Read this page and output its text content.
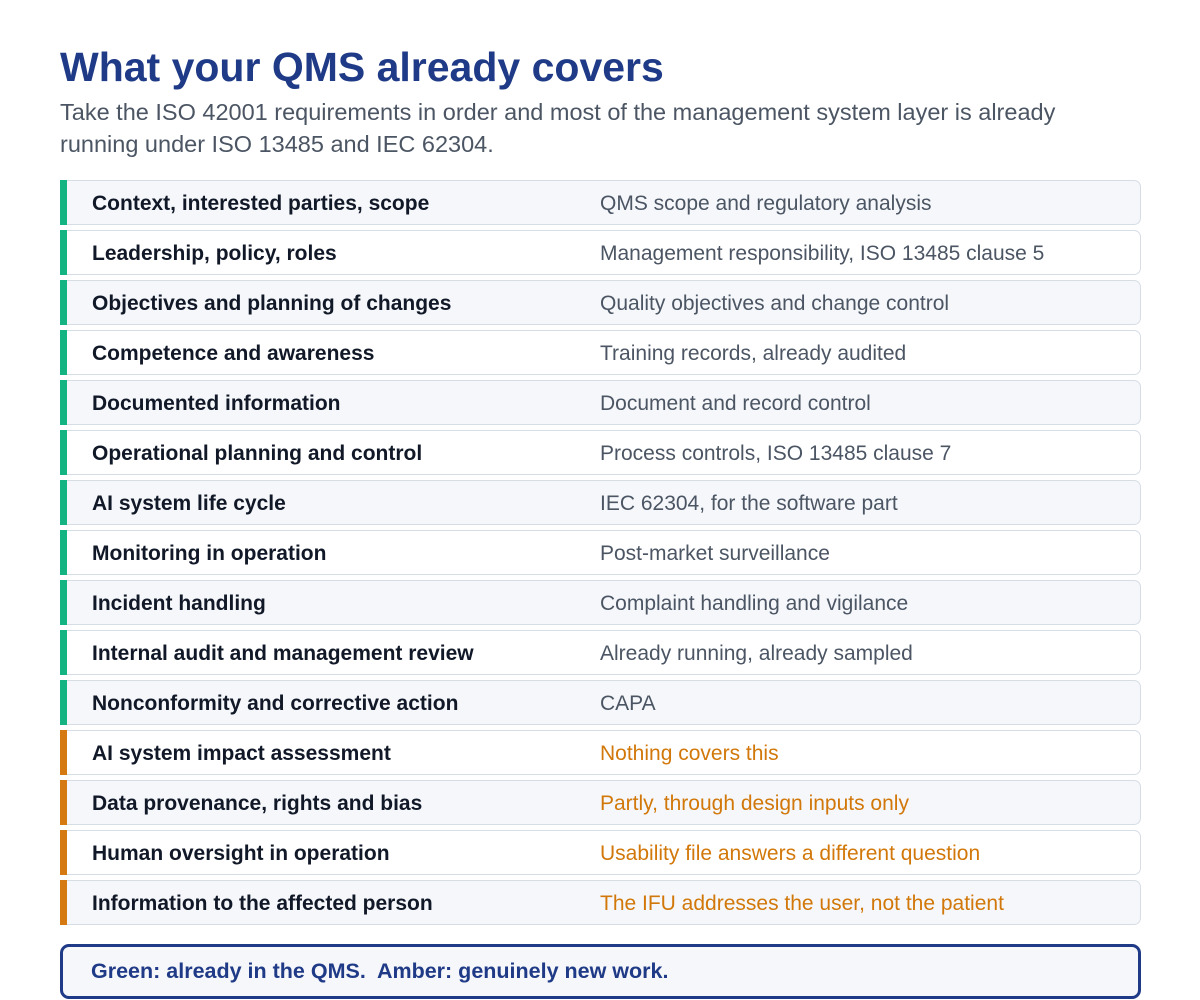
What your QMS already covers

Take the ISO 42001 requirements in order and most of the management system layer is already running under ISO 13485 and IEC 62304.

Context, interested parties, scope	QMS scope and regulatory analysis
Leadership, policy, roles	Management responsibility, ISO 13485 clause 5
Objectives and planning of changes	Quality objectives and change control
Competence and awareness	Training records, already audited
Documented information	Document and record control
Operational planning and control	Process controls, ISO 13485 clause 7
AI system life cycle	IEC 62304, for the software part
Monitoring in operation	Post-market surveillance
Incident handling	Complaint handling and vigilance
Internal audit and management review	Already running, already sampled
Nonconformity and corrective action	CAPA
AI system impact assessment	Nothing covers this
Data provenance, rights and bias	Partly, through design inputs only
Human oversight in operation	Usability file answers a different question
Information to the affected person	The IFU addresses the user, not the patient
Green: already in the QMS.  Amber: genuinely new work.
